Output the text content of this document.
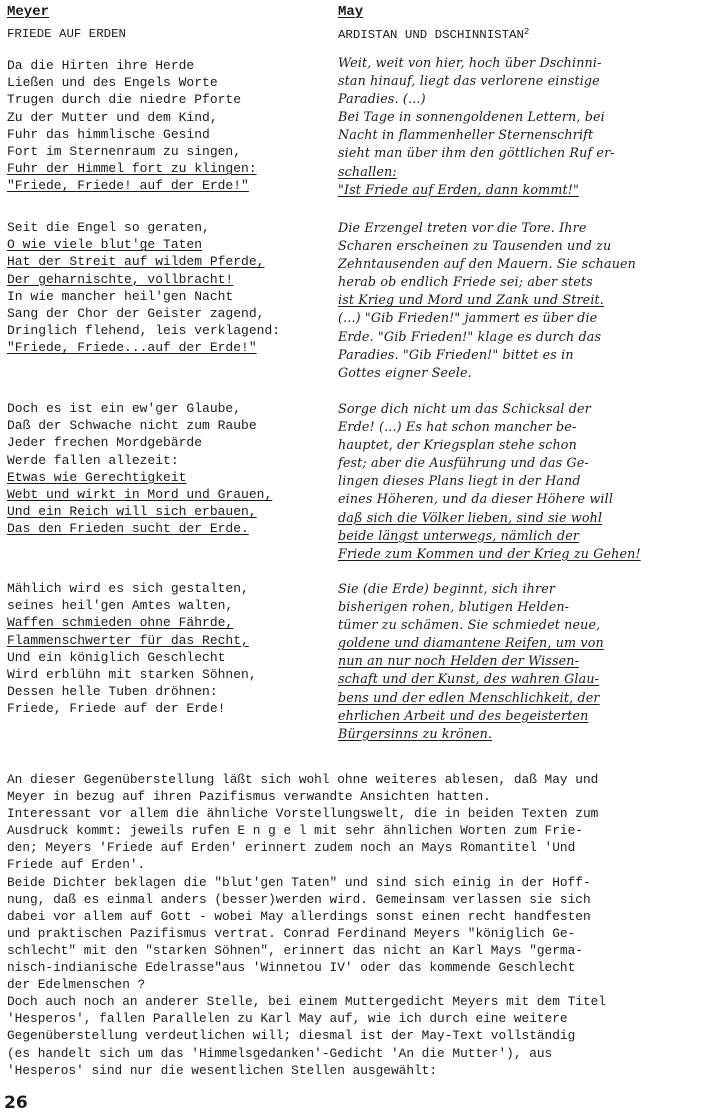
Meyer
FRIEDE AUF ERDEN
Da die Hirten ihre Herde
Ließen und des Engels Worte
Trugen durch die niedre Pforte
Zu der Mutter und dem Kind,
Fuhr das himmlische Gesind
Fort im Sternenraum zu singen,
Fuhr der Himmel fort zu klingen:
"Friede, Friede! auf der Erde!"
Seit die Engel so geraten,
O wie viele blut'ge Taten
Hat der Streit auf wildem Pferde,
Der geharnischte, vollbracht!
In wie mancher heil'gen Nacht
Sang der Chor der Geister zagend,
Dringlich flehend, leis verklagend:
"Friede, Friede...auf der Erde!"
Doch es ist ein ew'ger Glaube,
Daß der Schwache nicht zum Raube
Jeder frechen Mordgebärde
Werde fallen allezeit:
Etwas wie Gerechtigkeit
Webt und wirkt in Mord und Grauen,
Und ein Reich will sich erbauen,
Das den Frieden sucht der Erde.
Mählich wird es sich gestalten,
seines heil'gen Amtes walten,
Waffen schmieden ohne Fährde,
Flammenschwerter für das Recht,
Und ein königlich Geschlecht
Wird erblühn mit starken Söhnen,
Dessen helle Tuben dröhnen:
Friede, Friede auf der Erde!
May
ARDISTAN UND DSCHINNISTAN$^2$
Weit, weit von hier, hoch über Dschinni-
stan hinauf, liegt das verlorene einstige
Paradies. (...)
Bei Tage in sonnengoldenen Lettern, bei
Nacht in flammenheller Sternenschrift
sieht man über ihm den göttlichen Ruf er-
schallen:
"Ist Friede auf Erden, dann kommt!"
Die Erzengel treten vor die Tore. Ihre
Scharen erscheinen zu Tausenden und zu
Zehntausenden auf den Mauern. Sie schauen
herab ob endlich Friede sei; aber stets
ist Krieg und Mord und Zank und Streit.
(...) "Gib Frieden!" jammert es über die
Erde. "Gib Frieden!" klage es durch das
Paradies. "Gib Frieden!" bittet es in
Gottes eigner Seele.
Sorge dich nicht um das Schicksal der
Erde! (...) Es hat schon mancher be-
hauptet, der Kriegsplan stehe schon
fest; aber die Ausführung und das Ge-
lingen dieses Plans liegt in der Hand
eines Höheren, und da dieser Höhere will
daß sich die Völker lieben, sind sie wohl
beide längst unterwegs, nämlich der
Friede zum Kommen und der Krieg zu Gehen!
Sie (die Erde) beginnt, sich ihrer
bisherigen rohen, blutigen Helden-
tümer zu schämen. Sie schmiedet neue,
goldene und diamantene Reifen, um von
nun an nur noch Helden der Wissen-
schaft und der Kunst, des wahren Glau-
bens und der edlen Menschlichkeit, der
ehrlichen Arbeit und des begeisterten
Bürgersinns zu krönen.
An dieser Gegenüberstellung läßt sich wohl ohne weiteres ablesen, daß May und
Meyer in bezug auf ihren Pazifismus verwandte Ansichten hatten.
Interessant vor allem die ähnliche Vorstellungswelt, die in beiden Texten zum
Ausdruck kommt: jeweils rufen E n g e l mit sehr ähnlichen Worten zum Frie-
den; Meyers 'Friede auf Erden' erinnert zudem noch an Mays Romantitel 'Und
Friede auf Erden'.
Beide Dichter beklagen die "blut'gen Taten" und sind sich einig in der Hoff-
nung, daß es einmal anders (besser)werden wird. Gemeinsam verlassen sie sich
dabei vor allem auf Gott - wobei May allerdings sonst einen recht handfesten
und praktischen Pazifismus vertrat. Conrad Ferdinand Meyers "königlich Ge-
schlecht" mit den "starken Söhnen", erinnert das nicht an Karl Mays "germa-
nisch-indianische Edelrasse"aus 'Winnetou IV' oder das kommende Geschlecht
der Edelmenschen ?
Doch auch noch an anderer Stelle, bei einem Muttergedicht Meyers mit dem Titel
'Hesperos', fallen Parallelen zu Karl May auf, wie ich durch eine weitere
Gegenüberstellung verdeutlichen will; diesmal ist der May-Text vollständig
(es handelt sich um das 'Himmelsgedanken'-Gedicht 'An die Mutter'), aus
'Hesperos' sind nur die wesentlichen Stellen ausgewählt:
26
